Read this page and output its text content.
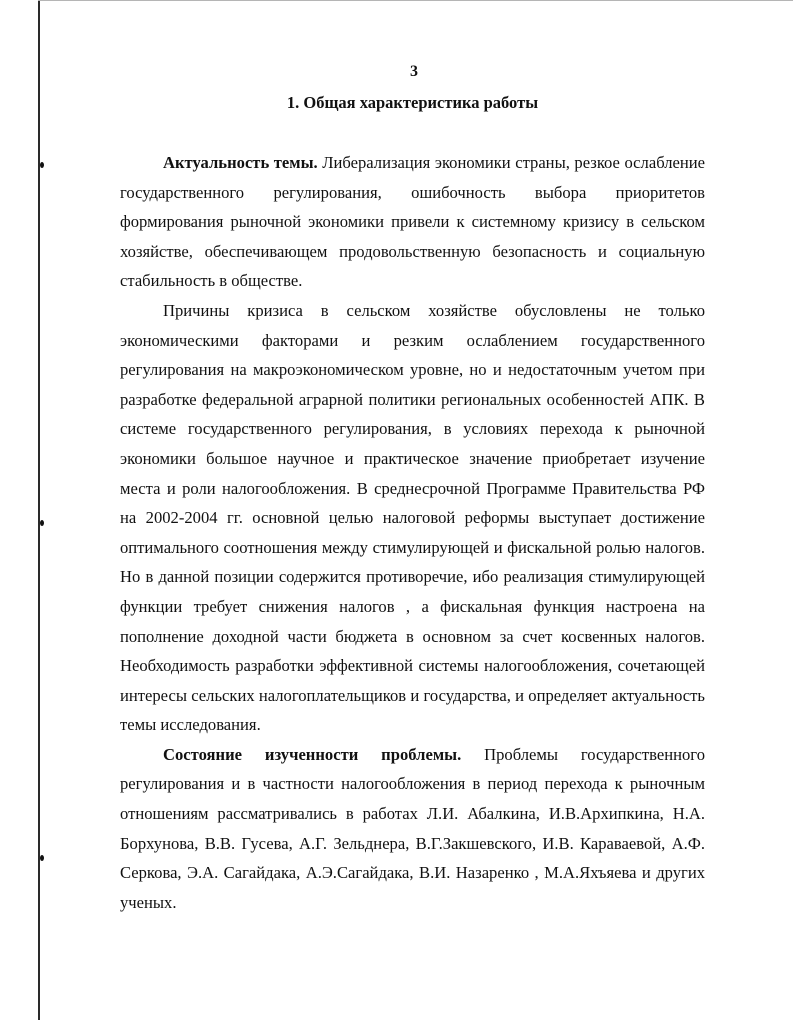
3
1. Общая характеристика работы

Актуальность темы. Либерализация экономики страны, резкое ослабление государственного регулирования, ошибочность выбора приоритетов формирования рыночной экономики привели к системному кризису в сельском хозяйстве, обеспечивающем продовольственную безопасность и социальную стабильность в обществе.

Причины кризиса в сельском хозяйстве обусловлены не только экономическими факторами и резким ослаблением государственного регулирования на макроэкономическом уровне, но и недостаточным учетом при разработке федеральной аграрной политики региональных особенностей АПК. В системе государственного регулирования, в условиях перехода к рыночной экономики большое научное и практическое значение приобретает изучение места и роли налогообложения. В среднесрочной Программе Правительства РФ на 2002-2004 гг. основной целью налоговой реформы выступает достижение оптимального соотношения между стимулирующей и фискальной ролью налогов. Но в данной позиции содержится противоречие, ибо реализация стимулирующей функции требует снижения налогов , а фискальная функция настроена на пополнение доходной части бюджета в основном за счет косвенных налогов. Необходимость разработки эффективной системы налогообложения, сочетающей интересы сельских налогоплательщиков и государства, и определяет актуальность темы исследования.

Состояние изученности проблемы. Проблемы государственного регулирования и в частности налогообложения в период перехода к рыночным отношениям рассматривались в работах Л.И. Абалкина, И.В.Архипкина, Н.А. Борхунова, В.В. Гусева, А.Г. Зельднера, В.Г.Закшевского, И.В. Караваевой, А.Ф. Серкова, Э.А. Сагайдака, А.Э.Сагайдака, В.И. Назаренко , М.А.Яхъяева и других ученых.
